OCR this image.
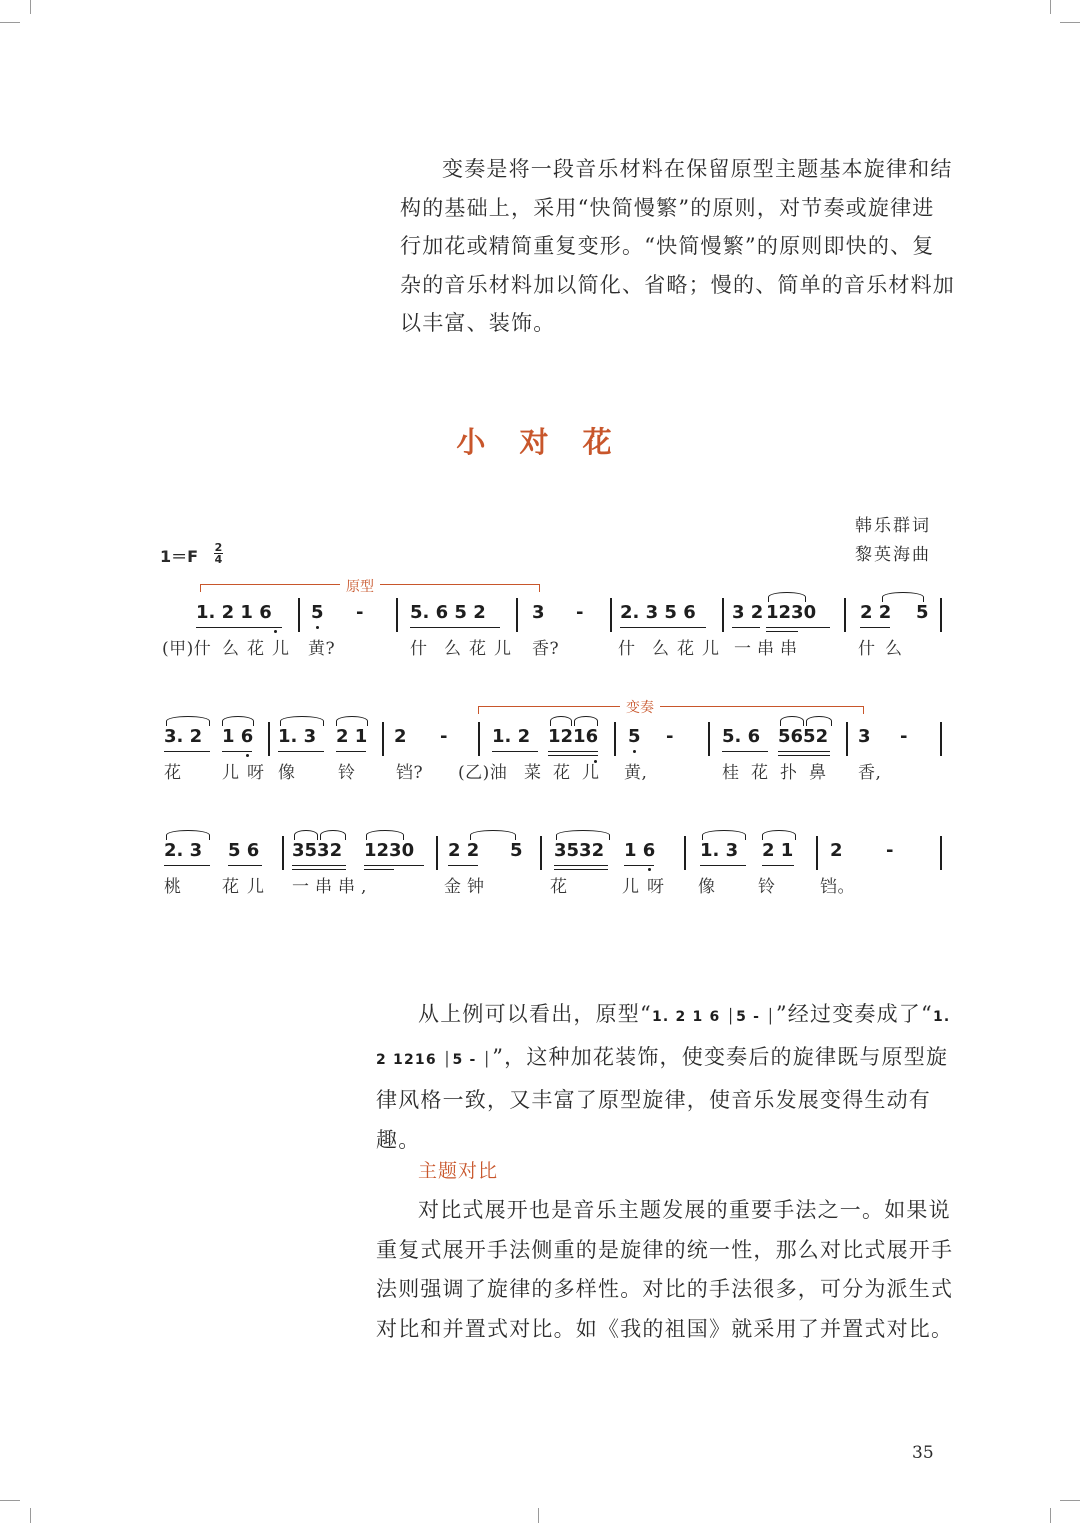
变奏是将一段音乐材料在保留原型主题基本旋律和结构的基础上，采用“快简慢繁”的原则，对节奏或旋律进行加花或精简重复变形。“快简慢繁”的原则即快的、复杂的音乐材料加以简化、省略；慢的、简单的音乐材料加以丰富、装饰。
小 对 花
韩乐群词
黎英海曲
1＝F 2
4
原型
1. 2 1 6 5 -	5. 6 5 2	3 - 2. 3 5 6 3 2 1230 2 2 5
(甲)什 么花儿 黄?	什 么花儿 香?	什 么花儿 一串串	什么
变奏
3. 2 1 6 1. 3 2 1 2 - 1. 2 1216 5 -	5. 6 5652 3 -
花 儿呀 像	铃 铛? (乙)油 菜花儿 黄,	桂花扑鼻 香,
2. 3 5 6 3532 1230 2 2 5 3532 1 6 1. 3 2 1 2 -
桃 花儿 一串串,	金钟	花	儿呀 像	铃	铛。
从上例可以看出，原型“1. 2 1 6 │5 - │”经过变奏成了“1. 2 1216 │5 - │”，这种加花装饰，使变奏后的旋律既与原型旋律风格一致，又丰富了原型旋律，使音乐发展变得生动有趣。
主题对比
对比式展开也是音乐主题发展的重要手法之一。如果说重复式展开手法侧重的是旋律的统一性，那么对比式展开手法则强调了旋律的多样性。对比的手法很多，可分为派生式对比和并置式对比。如《我的祖国》就采用了并置式对比。
35
